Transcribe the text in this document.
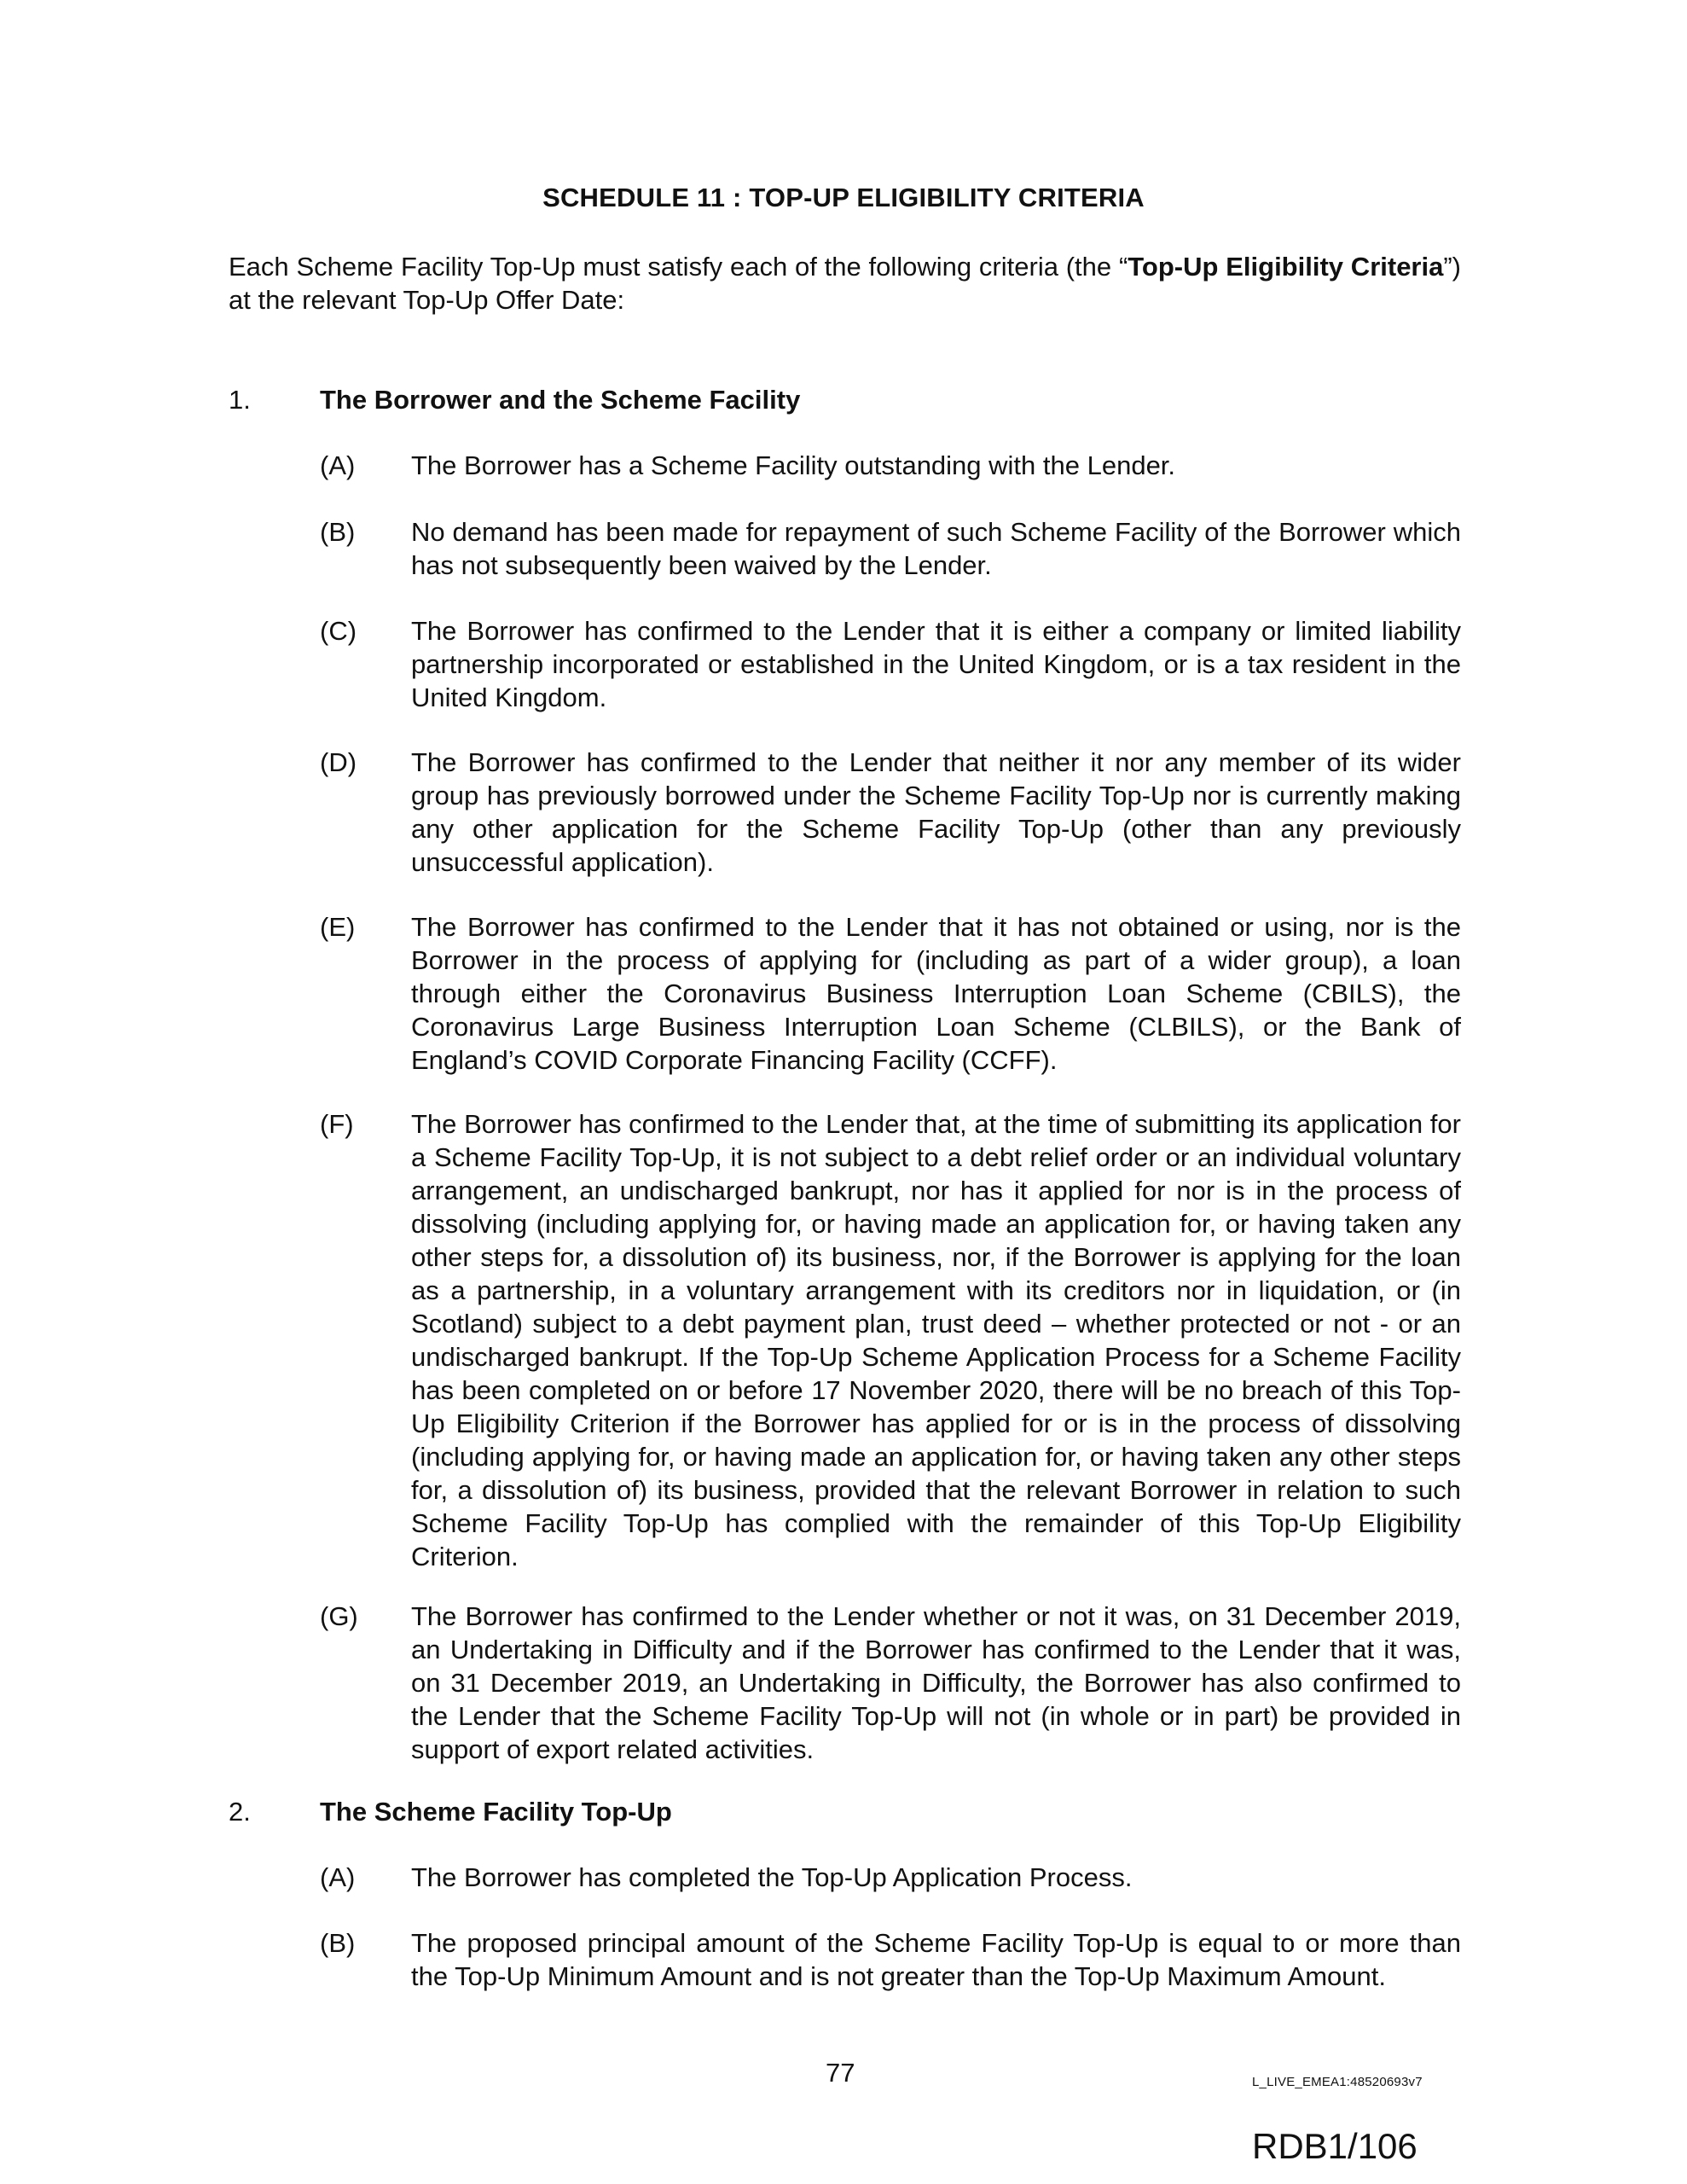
SCHEDULE 11 : TOP-UP ELIGIBILITY CRITERIA
Each Scheme Facility Top-Up must satisfy each of the following criteria (the “Top-Up Eligibility Criteria”) at the relevant Top-Up Offer Date:
1.	The Borrower and the Scheme Facility
(A) The Borrower has a Scheme Facility outstanding with the Lender.
(B) No demand has been made for repayment of such Scheme Facility of the Borrower which has not subsequently been waived by the Lender.
(C) The Borrower has confirmed to the Lender that it is either a company or limited liability partnership incorporated or established in the United Kingdom, or is a tax resident in the United Kingdom.
(D) The Borrower has confirmed to the Lender that neither it nor any member of its wider group has previously borrowed under the Scheme Facility Top-Up nor is currently making any other application for the Scheme Facility Top-Up (other than any previously unsuccessful application).
(E) The Borrower has confirmed to the Lender that it has not obtained or using, nor is the Borrower in the process of applying for (including as part of a wider group), a loan through either the Coronavirus Business Interruption Loan Scheme (CBILS), the Coronavirus Large Business Interruption Loan Scheme (CLBILS), or the Bank of England’s COVID Corporate Financing Facility (CCFF).
(F) The Borrower has confirmed to the Lender that, at the time of submitting its application for a Scheme Facility Top-Up, it is not subject to a debt relief order or an individual voluntary arrangement, an undischarged bankrupt, nor has it applied for nor is in the process of dissolving (including applying for, or having made an application for, or having taken any other steps for, a dissolution of) its business, nor, if the Borrower is applying for the loan as a partnership, in a voluntary arrangement with its creditors nor in liquidation, or (in Scotland) subject to a debt payment plan, trust deed – whether protected or not - or an undischarged bankrupt. If the Top-Up Scheme Application Process for a Scheme Facility has been completed on or before 17 November 2020, there will be no breach of this Top-Up Eligibility Criterion if the Borrower has applied for or is in the process of dissolving (including applying for, or having made an application for, or having taken any other steps for, a dissolution of) its business, provided that the relevant Borrower in relation to such Scheme Facility Top-Up has complied with the remainder of this Top-Up Eligibility Criterion.
(G) The Borrower has confirmed to the Lender whether or not it was, on 31 December 2019, an Undertaking in Difficulty and if the Borrower has confirmed to the Lender that it was, on 31 December 2019, an Undertaking in Difficulty, the Borrower has also confirmed to the Lender that the Scheme Facility Top-Up will not (in whole or in part) be provided in support of export related activities.
2.	The Scheme Facility Top-Up
(A) The Borrower has completed the Top-Up Application Process.
(B) The proposed principal amount of the Scheme Facility Top-Up is equal to or more than the Top-Up Minimum Amount and is not greater than the Top-Up Maximum Amount.
77	L_LIVE_EMEA1:48520693v7
RDB1/106
